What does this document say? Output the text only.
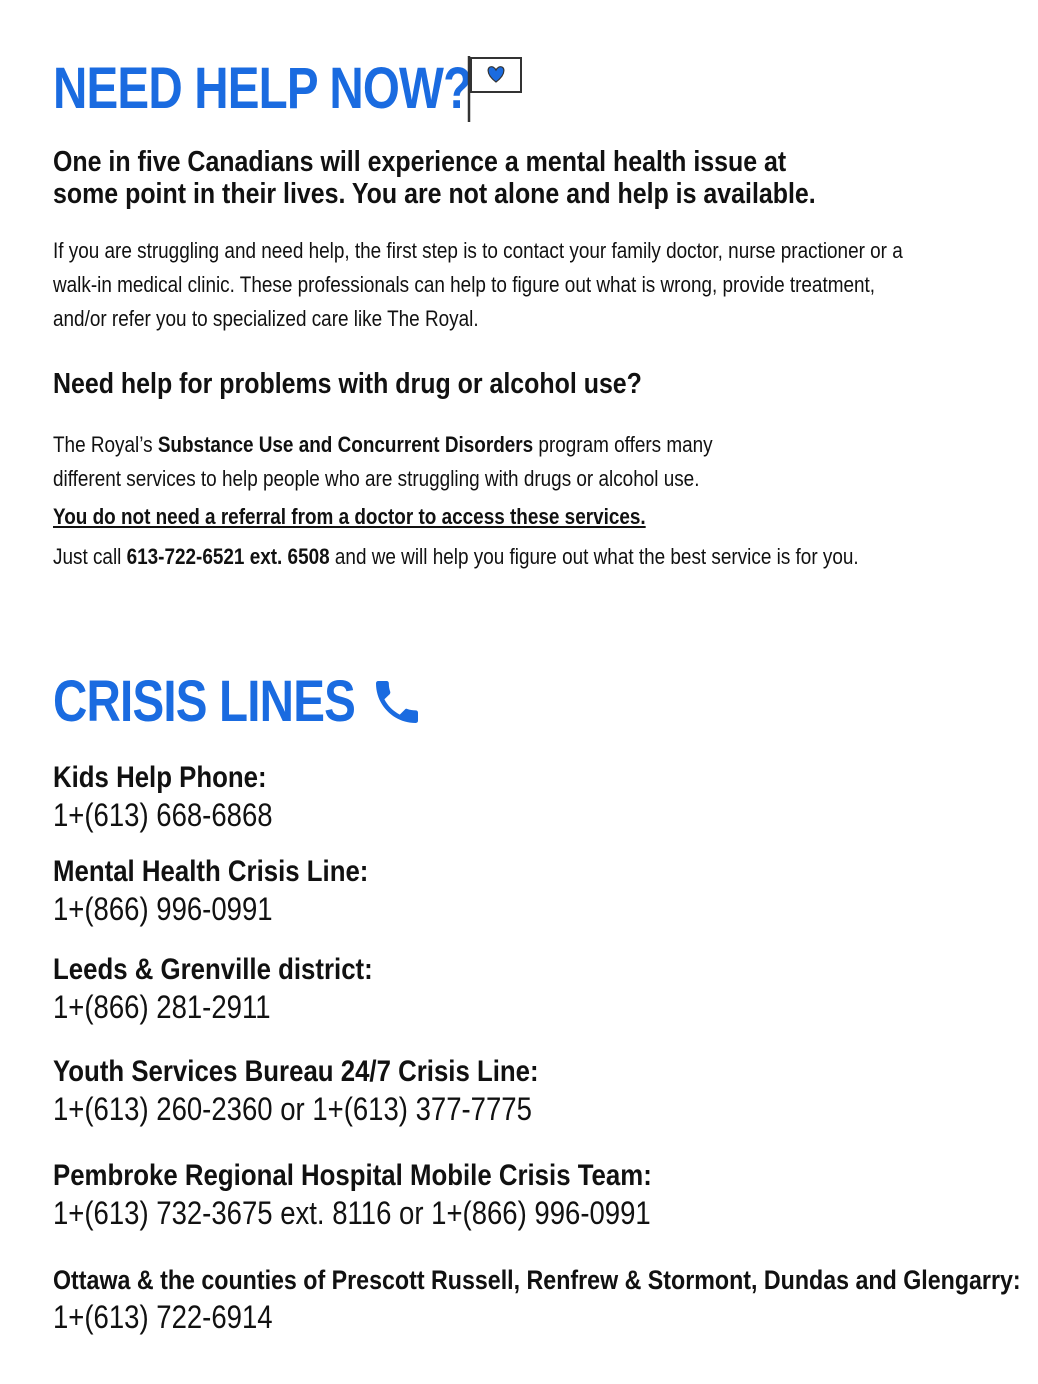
NEED HELP NOW?
One in five Canadians will experience a mental health issue at
some point in their lives. You are not alone and help is available.
If you are struggling and need help, the first step is to contact your family doctor, nurse practioner or a
walk-in medical clinic. These professionals can help to figure out what is wrong, provide treatment,
and/or refer you to specialized care like The Royal.
Need help for problems with drug or alcohol use?
The Royal’s Substance Use and Concurrent Disorders program offers many
different services to help people who are struggling with drugs or alcohol use.
You do not need a referral from a doctor to access these services.
Just call 613-722-6521 ext. 6508 and we will help you figure out what the best service is for you.
CRISIS LINES
Kids Help Phone:
1+(613) 668-6868
Mental Health Crisis Line:
1+(866) 996-0991
Leeds & Grenville district:
1+(866) 281-2911
Youth Services Bureau 24/7 Crisis Line:
1+(613) 260-2360 or 1+(613) 377-7775
Pembroke Regional Hospital Mobile Crisis Team:
1+(613) 732-3675 ext. 8116 or 1+(866) 996-0991
Ottawa & the counties of Prescott Russell, Renfrew & Stormont, Dundas and Glengarry:
1+(613) 722-6914
